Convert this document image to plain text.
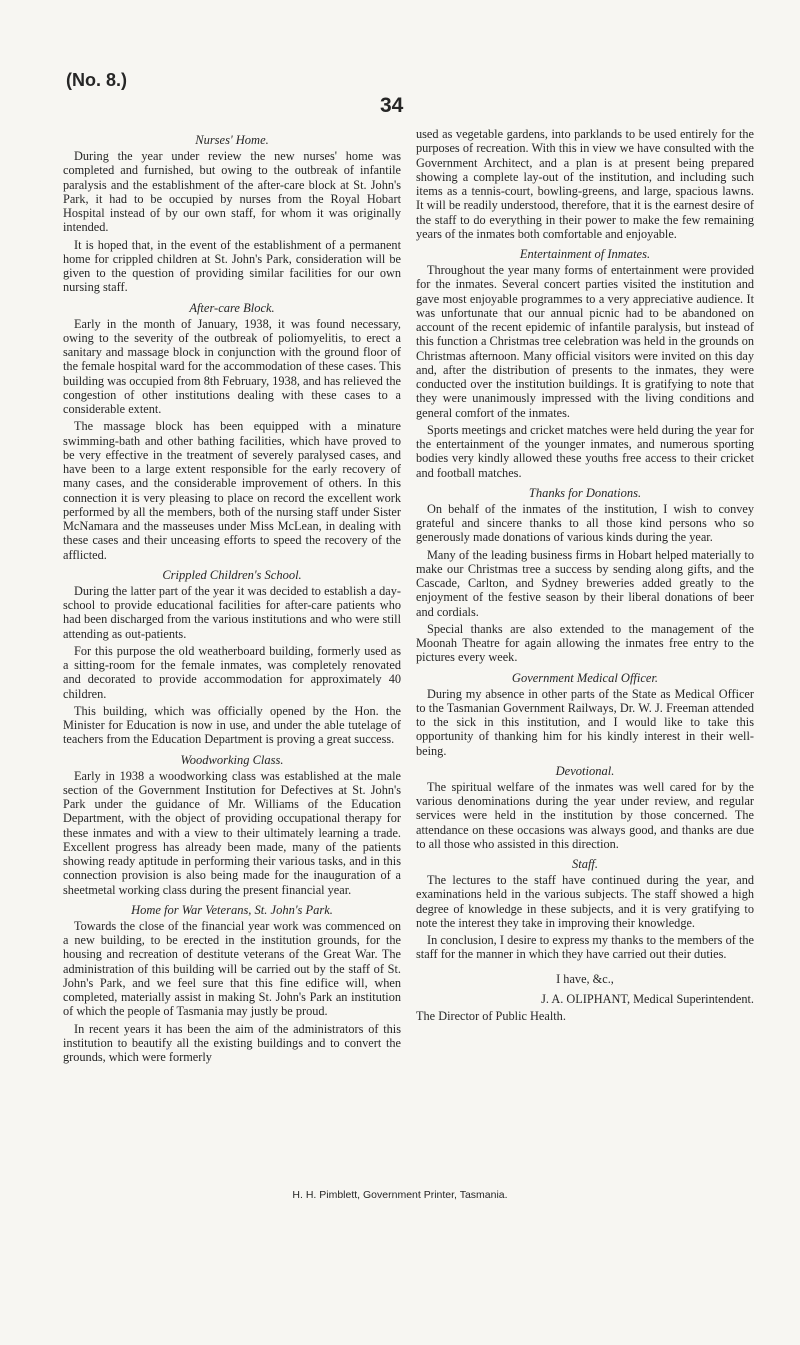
(No. 8.)
34
Nurses' Home.

During the year under review the new nurses' home was completed and furnished, but owing to the outbreak of infantile paralysis and the establishment of the after-care block at St. John's Park, it had to be occupied by nurses from the Royal Hobart Hospital instead of by our own staff, for whom it was originally intended.

It is hoped that, in the event of the establishment of a permanent home for crippled children at St. John's Park, consideration will be given to the question of providing similar facilities for our own nursing staff.

After-care Block.

Early in the month of January, 1938, it was found necessary, owing to the severity of the outbreak of poliomyelitis, to erect a sanitary and massage block in conjunction with the ground floor of the female hospital ward for the accommodation of these cases. This building was occupied from 8th February, 1938, and has relieved the congestion of other institutions dealing with these cases to a considerable extent.

The massage block has been equipped with a minature swimming-bath and other bathing facilities, which have proved to be very effective in the treatment of severely paralysed cases, and have been to a large extent responsible for the early recovery of many cases, and the considerable improvement of others. In this connection it is very pleasing to place on record the excellent work performed by all the members, both of the nursing staff under Sister McNamara and the masseuses under Miss McLean, in dealing with these cases and their unceasing efforts to speed the recovery of the afflicted.

Crippled Children's School.

During the latter part of the year it was decided to establish a day-school to provide educational facilities for after-care patients who had been discharged from the various institutions and who were still attending as out-patients.

For this purpose the old weatherboard building, formerly used as a sitting-room for the female inmates, was completely renovated and decorated to provide accommodation for approximately 40 children.

This building, which was officially opened by the Hon. the Minister for Education is now in use, and under the able tutelage of teachers from the Education Department is proving a great success.

Woodworking Class.

Early in 1938 a woodworking class was established at the male section of the Government Institution for Defectives at St. John's Park under the guidance of Mr. Williams of the Education Department, with the object of providing occupational therapy for these inmates and with a view to their ultimately learning a trade. Excellent progress has already been made, many of the patients showing ready aptitude in performing their various tasks, and in this connection provision is also being made for the inauguration of a sheetmetal working class during the present financial year.

Home for War Veterans, St. John's Park.

Towards the close of the financial year work was commenced on a new building, to be erected in the institution grounds, for the housing and recreation of destitute veterans of the Great War. The administration of this building will be carried out by the staff of St. John's Park, and we feel sure that this fine edifice will, when completed, materially assist in making St. John's Park an institution of which the people of Tasmania may justly be proud.

In recent years it has been the aim of the administrators of this institution to beautify all the existing buildings and to convert the grounds, which were formerly

used as vegetable gardens, into parklands to be used entirely for the purposes of recreation. With this in view we have consulted with the Government Architect, and a plan is at present being prepared showing a complete lay-out of the institution, and including such items as a tennis-court, bowling-greens, and large, spacious lawns. It will be readily understood, therefore, that it is the earnest desire of the staff to do everything in their power to make the few remaining years of the inmates both comfortable and enjoyable.

Entertainment of Inmates.

Throughout the year many forms of entertainment were provided for the inmates. Several concert parties visited the institution and gave most enjoyable programmes to a very appreciative audience. It was unfortunate that our annual picnic had to be abandoned on account of the recent epidemic of infantile paralysis, but instead of this function a Christmas tree celebration was held in the grounds on Christmas afternoon. Many official visitors were invited on this day and, after the distribution of presents to the inmates, they were conducted over the institution buildings. It is gratifying to note that they were unanimously impressed with the living conditions and general comfort of the inmates.

Sports meetings and cricket matches were held during the year for the entertainment of the younger inmates, and numerous sporting bodies very kindly allowed these youths free access to their cricket and football matches.

Thanks for Donations.

On behalf of the inmates of the institution, I wish to convey grateful and sincere thanks to all those kind persons who so generously made donations of various kinds during the year.

Many of the leading business firms in Hobart helped materially to make our Christmas tree a success by sending along gifts, and the Cascade, Carlton, and Sydney breweries added greatly to the enjoyment of the festive season by their liberal donations of beer and cordials.

Special thanks are also extended to the management of the Moonah Theatre for again allowing the inmates free entry to the pictures every week.

Government Medical Officer.

During my absence in other parts of the State as Medical Officer to the Tasmanian Government Railways, Dr. W. J. Freeman attended to the sick in this institution, and I would like to take this opportunity of thanking him for his kindly interest in their well-being.

Devotional.

The spiritual welfare of the inmates was well cared for by the various denominations during the year under review, and regular services were held in the institution by those concerned. The attendance on these occasions was always good, and thanks are due to all those who assisted in this direction.

Staff.

The lectures to the staff have continued during the year, and examinations held in the various subjects. The staff showed a high degree of knowledge in these subjects, and it is very gratifying to note the interest they take in improving their knowledge.

In conclusion, I desire to express my thanks to the members of the staff for the manner in which they have carried out their duties.

I have, &c.,

J. A. OLIPHANT, Medical Superintendent.

The Director of Public Health.

H. H. Pimblett, Government Printer, Tasmania.
